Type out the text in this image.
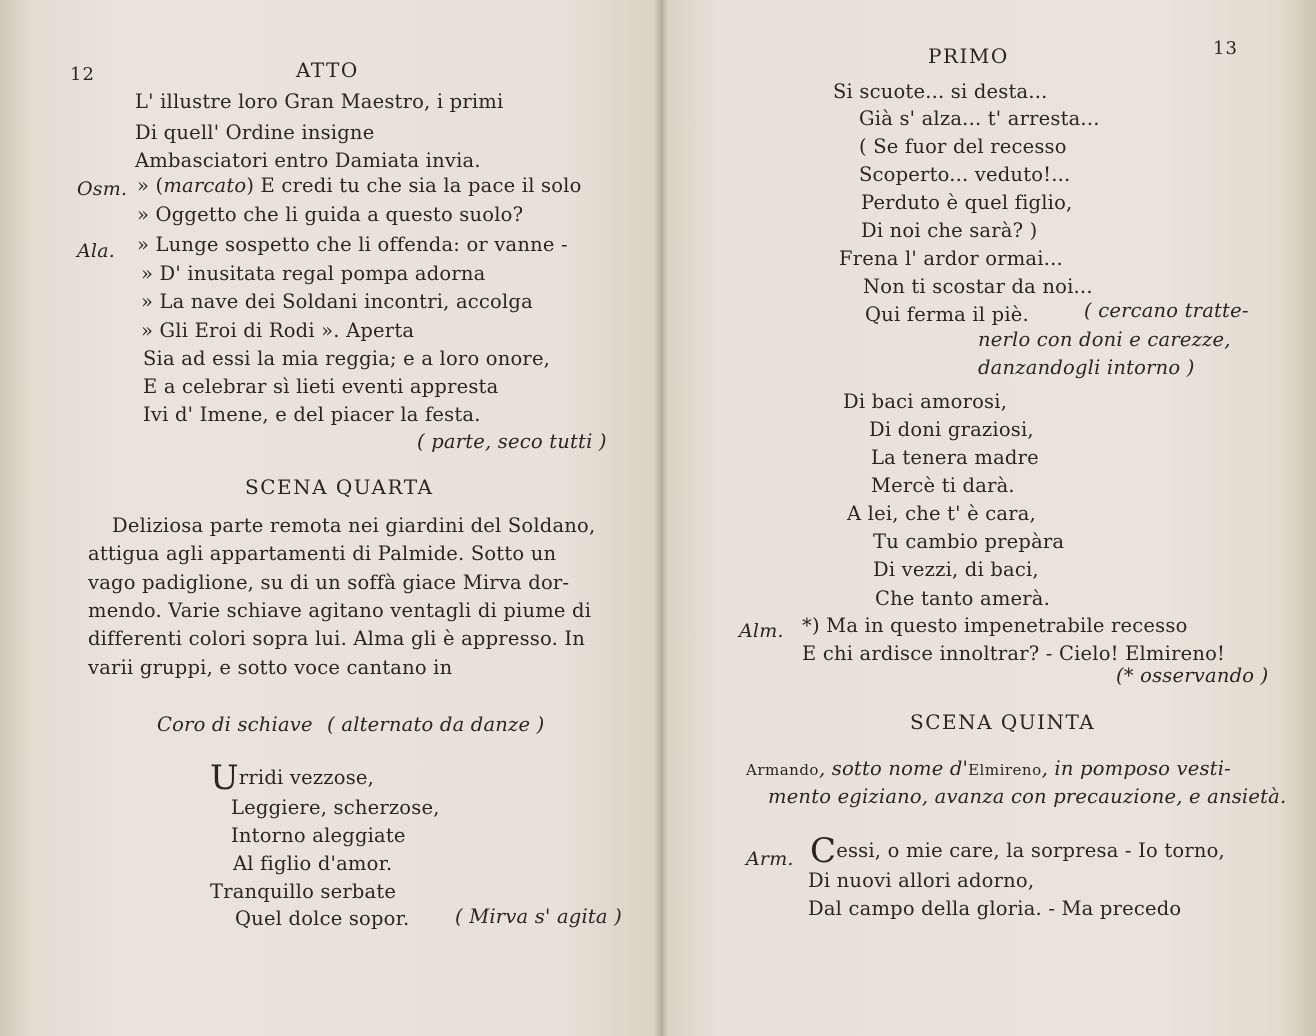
12	ATTO
L' illustre loro Gran Maestro, i primi
Di quell' Ordine insigne
Ambasciatori entro Damiata invia.
Osm. » (marcato) E credi tu che sia la pace il solo
» Oggetto che li guida a questo suolo?
Ala. » Lunge sospetto che li offenda: or vanne -
» D' inusitata regal pompa adorna
» La nave dei Soldani incontri, accolga
» Gli Eroi di Rodi ». Aperta
Sia ad essi la mia reggia; e a loro onore,
E a celebrar sì lieti eventi appresta
Ivi d' Imene, e del piacer la festa.
( parte, seco tutti )
SCENA QUARTA
Deliziosa parte remota nei giardini del Soldano,
attigua agli appartamenti di Palmide. Sotto un
vago padiglione, su di un soffà giace Mirva dor-
mendo. Varie schiave agitano ventagli di piume di
differenti colori sopra lui. Alma gli è appresso. In
varii gruppi, e sotto voce cantano in
Coro di schiave ( alternato da danze )
Urridi vezzose,
Leggiere, scherzose,
Intorno aleggiate
Al figlio d'amor.
Tranquillo serbate
Quel dolce sopor. ( Mirva s' agita )
PRIMO	13
Si scuote... si desta...
Già s' alza... t' arresta...
( Se fuor del recesso
Scoperto... veduto!...
Perduto è quel figlio,
Di noi che sarà? )
Frena l' ardor ormai...
Non ti scostar da noi...
Qui ferma il piè.	( cercano tratte-
nerlo con doni e carezze,
danzandogli intorno )
Di baci amorosi,
Di doni graziosi,
La tenera madre
Mercè ti darà.
A lei, che t' è cara,
Tu cambio prepàra
Di vezzi, di baci,
Che tanto amerà.
Alm. *) Ma in questo impenetrabile recesso
E chi ardisce innoltrar? - Cielo! Elmireno!
(* osservando )
SCENA QUINTA
Armando, sotto nome d'Elmireno, in pomposo vesti-
mento egiziano, avanza con precauzione, e ansietà.
Arm. Cessi, o mie care, la sorpresa - Io torno,
Di nuovi allori adorno,
Dal campo della gloria. - Ma precedo
